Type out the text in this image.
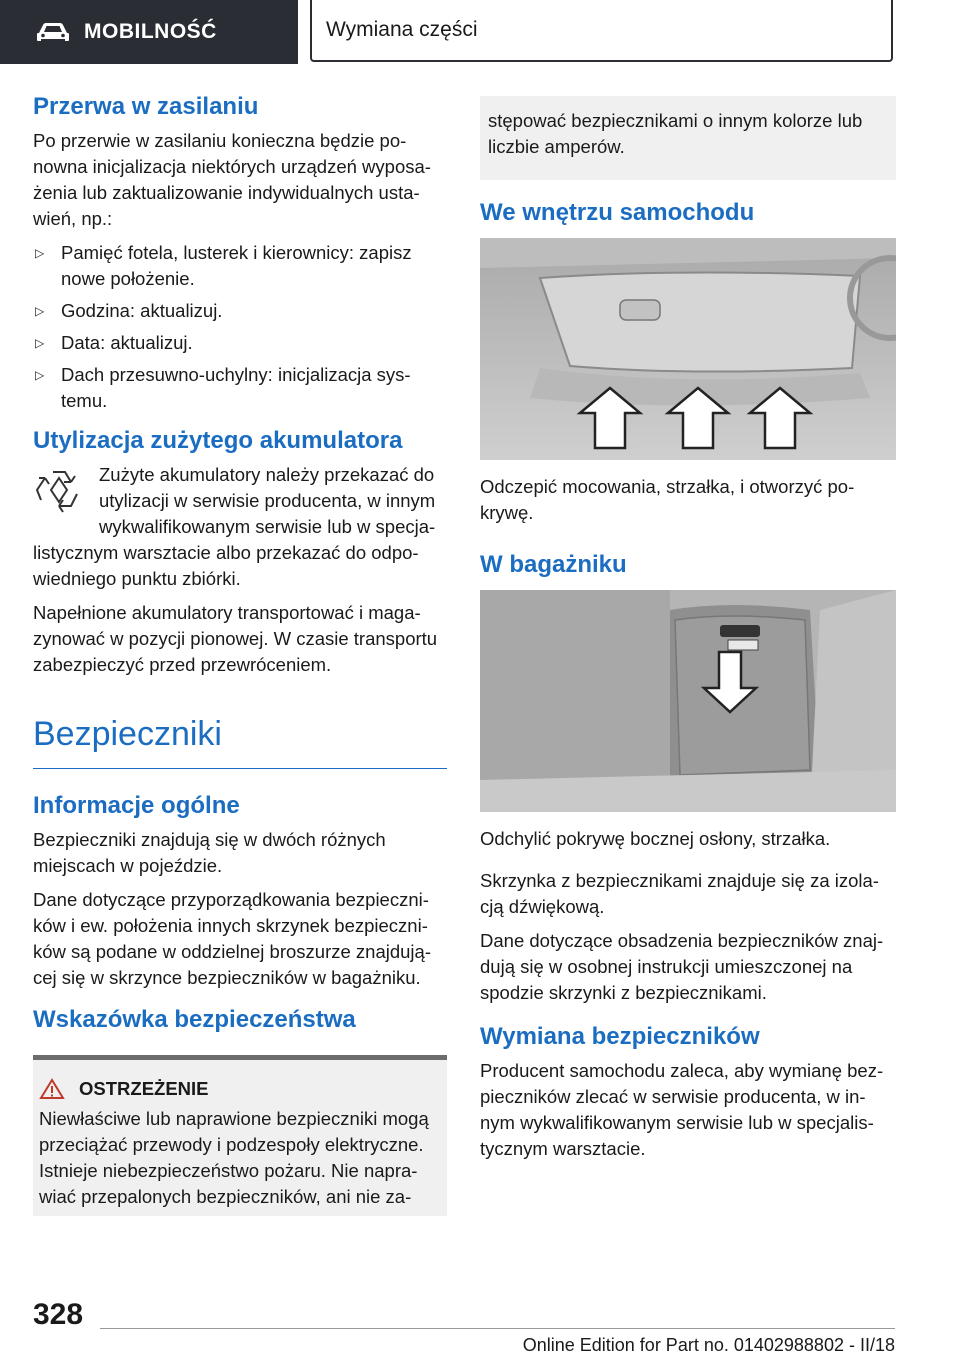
MOBILNOŚĆ	Wymiana części
Przerwa w zasilaniu

Po przerwie w zasilaniu konieczna będzie po-nowna inicjalizacja niektórych urządzeń wyposa-żenia lub zaktualizowanie indywidualnych usta-wień, np.:

▷ Pamięć fotela, lusterek i kierownicy: zapisz nowe położenie.
▷ Godzina: aktualizuj.
▷ Data: aktualizuj.
▷ Dach przesuwno-uchylny: inicjalizacja sys-temu.
Utylizacja zużytego akumulatora

Zużyte akumulatory należy przekazać do utylizacji w serwisie producenta, w innym wykwalifikowanym serwisie lub w specja-listycznym warsztacie albo przekazać do odpo-wiedniego punktu zbiórki.

Napełnione akumulatory transportować i maga-zynować w pozycji pionowej. W czasie transportu zabezpieczyć przed przewróceniem.

Bezpieczniki
Informacje ogólne

Bezpieczniki znajdują się w dwóch różnych miejscach w pojeździe.

Dane dotyczące przyporządkowania bezpieczni-ków i ew. położenia innych skrzynek bezpieczni-ków są podane w oddzielnej broszurze znajdują-cej się w skrzynce bezpieczników w bagażniku.

Wskazówka bezpieczeństwa
OSTRZEŻENIE

Niewłaściwe lub naprawione bezpieczniki mogą przeciążać przewody i podzespoły elektryczne. Istnieje niebezpieczeństwo pożaru. Nie napra-wiać przepalonych bezpieczników, ani nie za-

stępować bezpiecznikami o innym kolorze lub liczbie amperów.

We wnętrzu samochodu

Odczepić mocowania, strzałka, i otworzyć po-krywę.

W bagażniku

Odchylić pokrywę bocznej osłony, strzałka.

Skrzynka z bezpiecznikami znajduje się za izola-cją dźwiękową.

Dane dotyczące obsadzenia bezpieczników znaj-dują się w osobnej instrukcji umieszczonej na spodzie skrzynki z bezpiecznikami.

Wymiana bezpieczników

Producent samochodu zaleca, aby wymianę bez-pieczników zlecać w serwisie producenta, w in-nym wykwalifikowanym serwisie lub w specjalis-tycznym warsztacie.

328
Online Edition for Part no. 01402988802 - II/18
